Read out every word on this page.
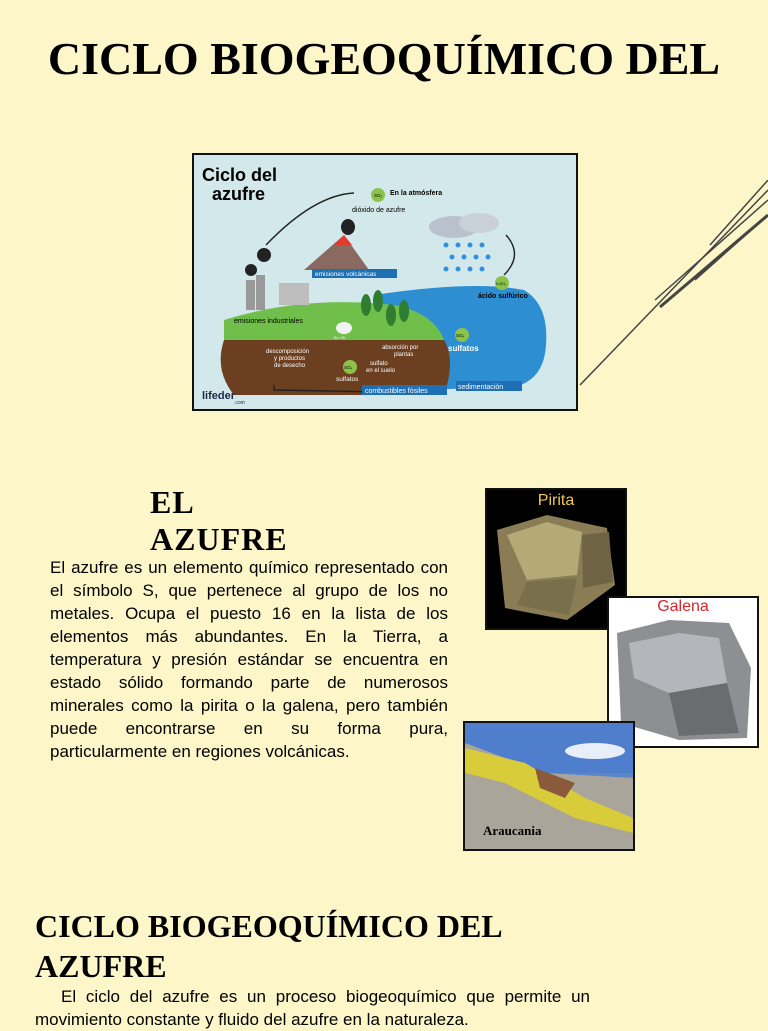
CICLO BIOGEOQUÍMICO DEL
Ciclo del
azufre	SO₂ En la atmósfera
dióxido de azufre
emisiones volcánicas
H₂SO₄
ácido sulfúrico
emisiones industriales
SO₄
sulfatos
descomposición
y productos
de desecho
absorción por
plantas
sulfato
en el suelo
SO₄
sulfatos
combustibles fósiles
sedimentación
Ex +B
lifeder
.com
EL AZUFRE

El azufre es un elemento químico representado con el símbolo S, que pertenece al grupo de los no metales. Ocupa el puesto 16 en la lista de los elementos más abundantes. En la Tierra, a temperatura y presión estándar se encuentra en estado sólido formando parte de numerosos minerales como la pirita o la galena, pero también puede encontrarse en su forma pura, particularmente en regiones volcánicas.

Pirita
Galena
Araucania
CICLO BIOGEOQUÍMICO DEL AZUFRE

El ciclo del azufre es un proceso biogeoquímico que permite un movimiento constante y fluido del azufre en la naturaleza.
